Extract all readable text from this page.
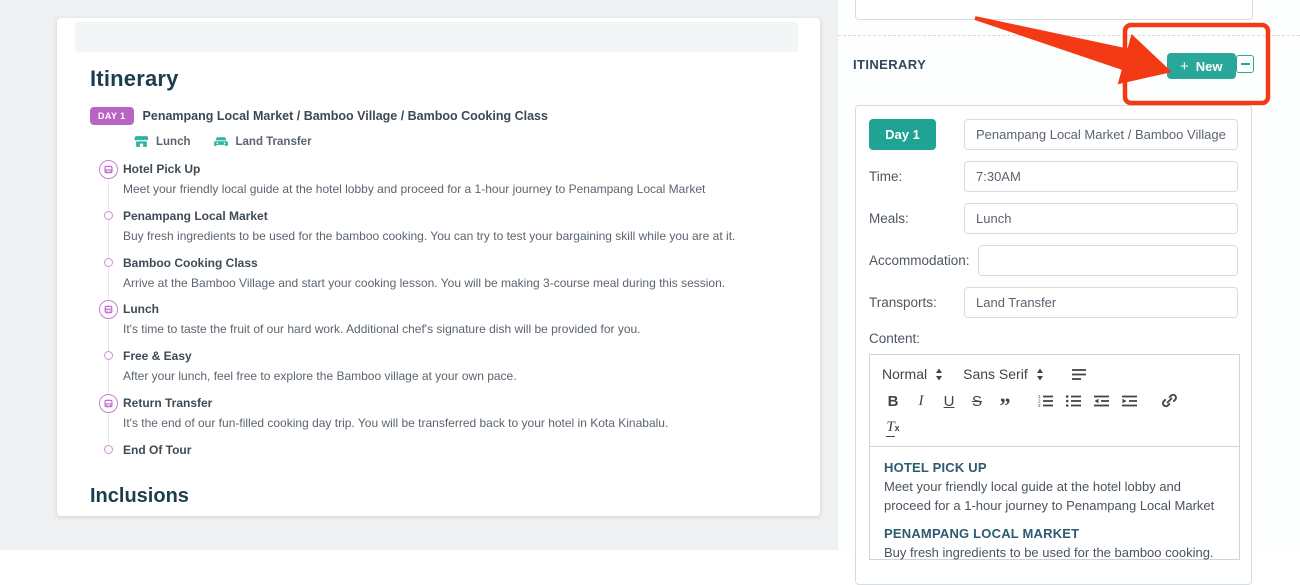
Itinerary
DAY 1	Penampang Local Market / Bamboo Village / Bamboo Cooking Class
Lunch	Land Transfer
Hotel Pick Up
Meet your friendly local guide at the hotel lobby and proceed for a 1-hour journey to Penampang Local Market
Penampang Local Market
Buy fresh ingredients to be used for the bamboo cooking. You can try to test your bargaining skill while you are at it.
Bamboo Cooking Class
Arrive at the Bamboo Village and start your cooking lesson. You will be making 3-course meal during this session.
Lunch
It's time to taste the fruit of our hard work. Additional chef's signature dish will be provided for you.
Free & Easy
After your lunch, feel free to explore the Bamboo village at your own pace.
Return Transfer
It's the end of our fun-filled cooking day trip. You will be transferred back to your hotel in Kota Kinabalu.
End Of Tour
Inclusions
ITINERARY	+ New
Day 1
Penampang Local Market / Bamboo Village / Bamboo Cooking Class
Time:
7:30AM
Meals:
Lunch
Accommodation:
Transports:
Land Transfer
Content:
Normal	Sans Serif
B	I	U	S ”	1
2
3
T x
HOTEL PICK UP
Meet your friendly local guide at the hotel lobby and proceed for a 1-hour journey to Penampang Local Market
PENAMPANG LOCAL MARKET
Buy fresh ingredients to be used for the bamboo cooking.
